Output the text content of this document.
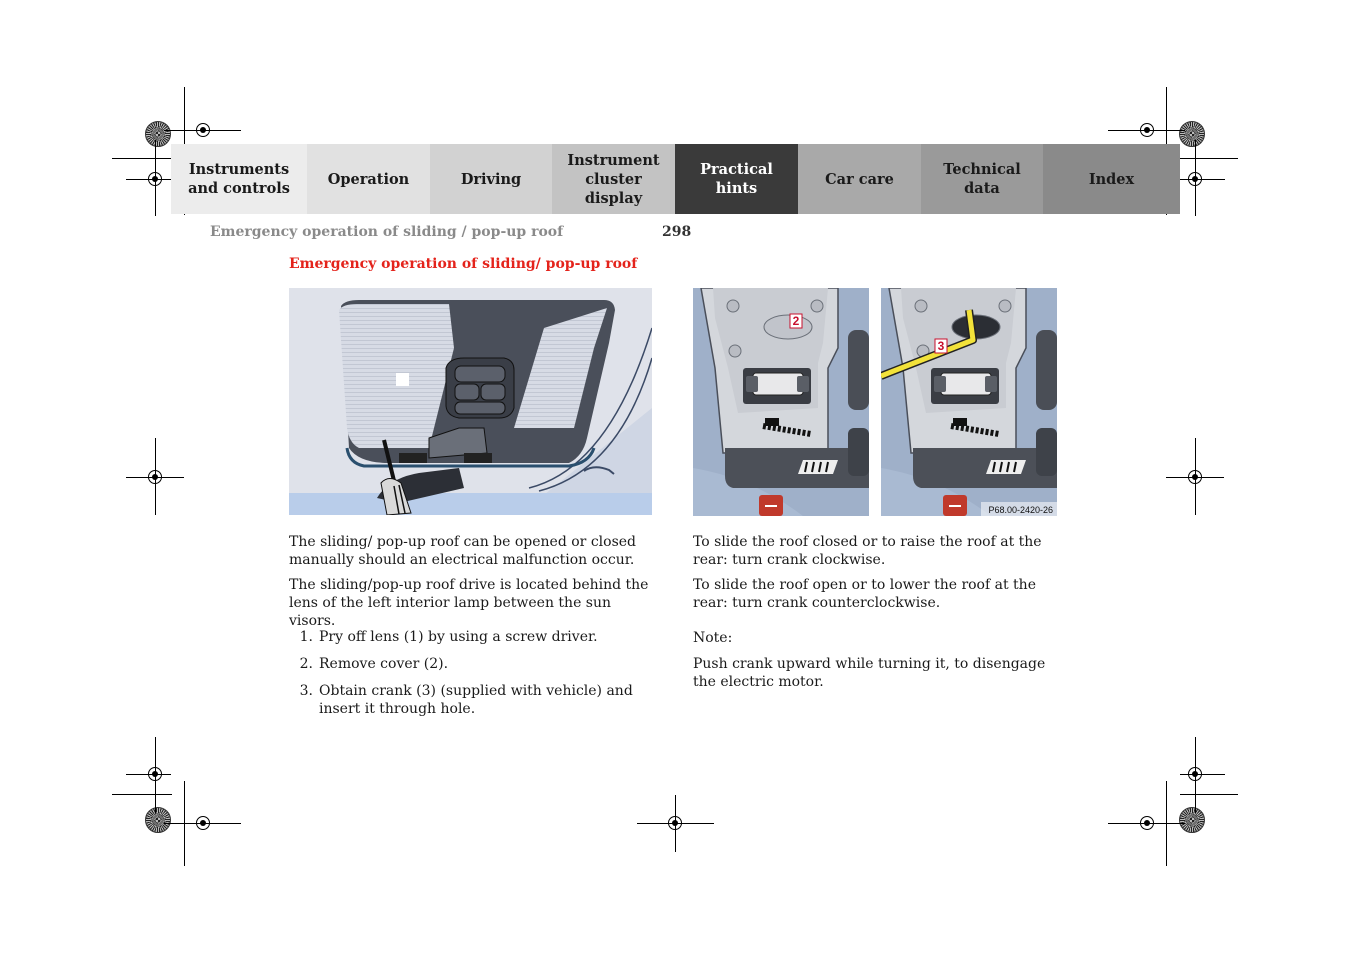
Instruments and controls
Operation	Driving
Instrument cluster display
Practical hints
Car care
Technical data
Index
Emergency operation of sliding / pop-up roof	298
Emergency operation of sliding/ pop-up roof
2
3
P68.00-2420-26

The sliding/ pop-up roof can be opened or closed manually should an electrical malfunction occur.

The sliding/pop-up roof drive is located behind the lens of the left interior lamp between the sun visors.

1. Pry off lens (1) by using a screw driver.
2. Remove cover (2).
3. Obtain crank (3) (supplied with vehicle) and insert it through hole.

To slide the roof closed or to raise the roof at the rear: turn crank clockwise.

To slide the roof open or to lower the roof at the rear: turn crank counterclockwise.

Note:

Push crank upward while turning it, to disengage the electric motor.
